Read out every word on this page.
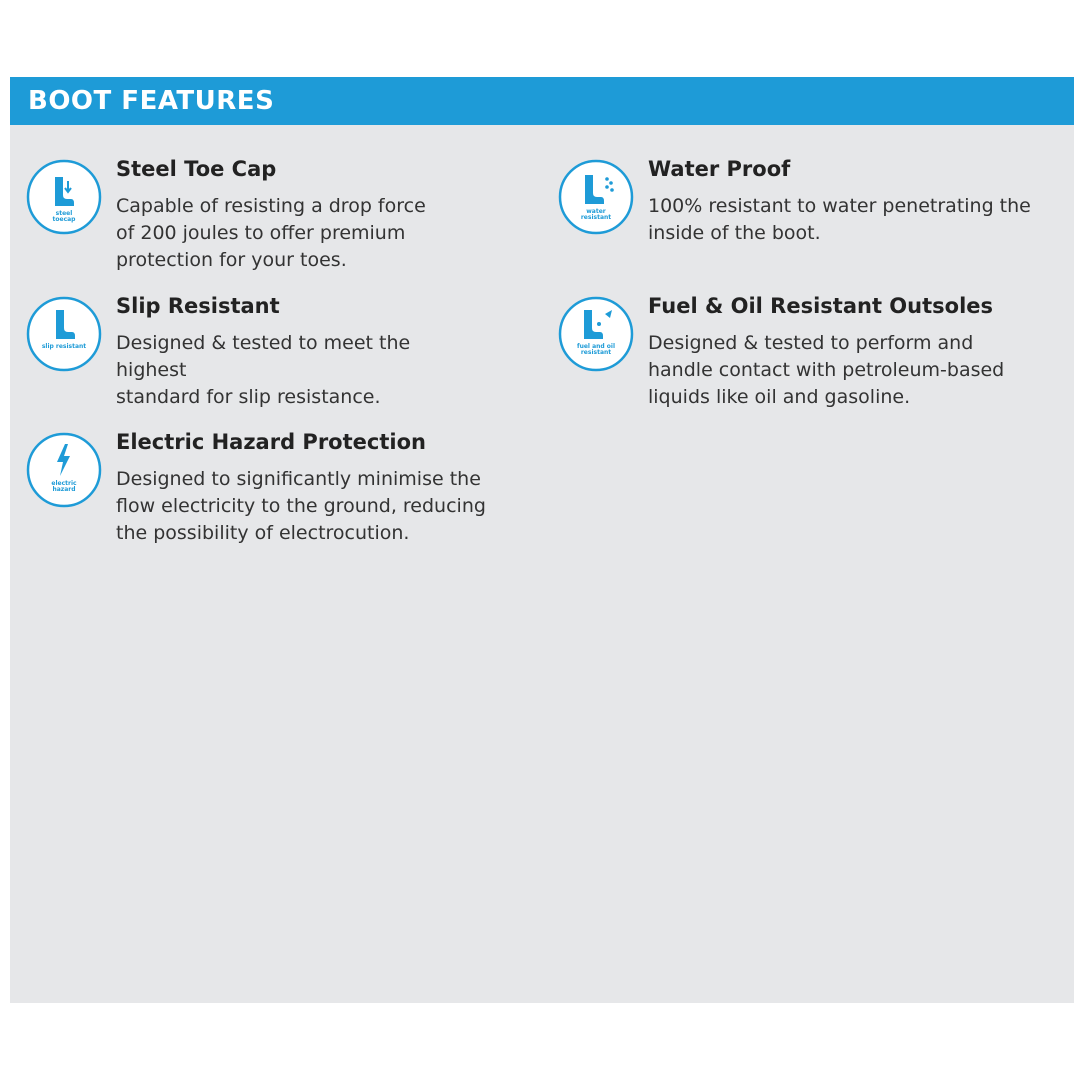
BOOT FEATURES
steel
toecap
Steel Toe Cap
Capable of resisting a drop force
of 200 joules to offer premium
protection for your toes.
water
resistant
Water Proof
100% resistant to water penetrating the
inside of the boot.
slip resistant
Slip Resistant
Designed & tested to meet the highest
standard for slip resistance.
fuel and oil
resistant
Fuel & Oil Resistant Outsoles
Designed & tested to perform and
handle contact with petroleum-based
liquids like oil and gasoline.
electric
hazard
Electric Hazard Protection
Designed to significantly minimise the
flow electricity to the ground, reducing
the possibility of electrocution.
